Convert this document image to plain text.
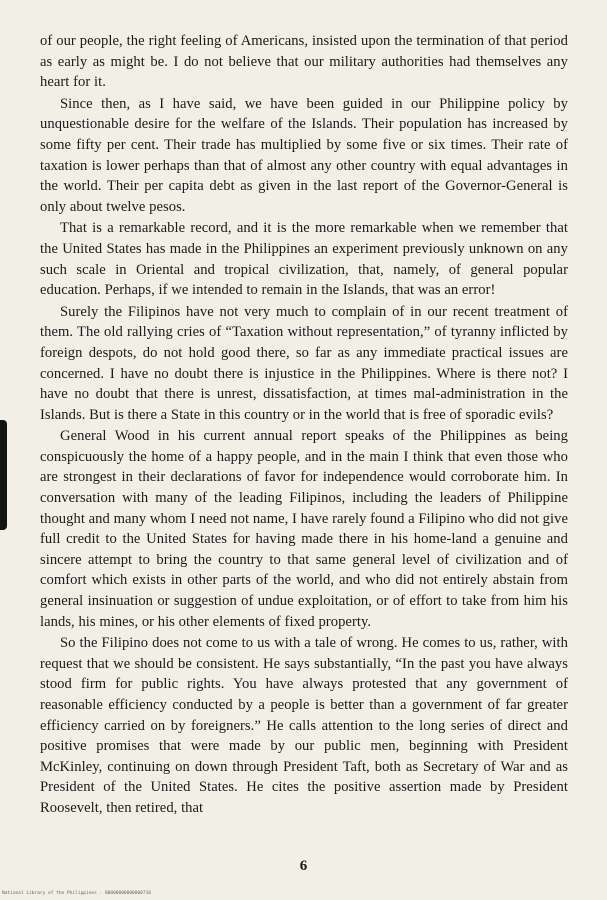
of our people, the right feeling of Americans, insisted upon the termination of that period as early as might be. I do not believe that our military authorities had themselves any heart for it.

Since then, as I have said, we have been guided in our Philippine policy by unquestionable desire for the welfare of the Islands. Their population has increased by some fifty per cent. Their trade has multiplied by some five or six times. Their rate of taxation is lower perhaps than that of almost any other country with equal advantages in the world. Their per capita debt as given in the last report of the Governor-General is only about twelve pesos.

That is a remarkable record, and it is the more remarkable when we remember that the United States has made in the Philippines an experiment previously unknown on any such scale in Oriental and tropical civilization, that, namely, of general popular education. Perhaps, if we intended to remain in the Islands, that was an error!

Surely the Filipinos have not very much to complain of in our recent treatment of them. The old rallying cries of “Taxation without representation,” of tyranny inflicted by foreign despots, do not hold good there, so far as any immediate practical issues are concerned. I have no doubt there is injustice in the Philippines. Where is there not? I have no doubt that there is unrest, dissatisfaction, at times mal-administration in the Islands. But is there a State in this country or in the world that is free of sporadic evils?

General Wood in his current annual report speaks of the Philippines as being conspicuously the home of a happy people, and in the main I think that even those who are strongest in their declarations of favor for independence would corroborate him. In conversation with many of the leading Filipinos, including the leaders of Philippine thought and many whom I need not name, I have rarely found a Filipino who did not give full credit to the United States for having made there in his home-land a genuine and sincere attempt to bring the country to that same general level of civilization and of comfort which exists in other parts of the world, and who did not entirely abstain from general insinuation or suggestion of undue exploitation, or of effort to take from him his lands, his mines, or his other elements of fixed property.

So the Filipino does not come to us with a tale of wrong. He comes to us, rather, with request that we should be consistent. He says substantially, “In the past you have always stood firm for public rights. You have always protested that any government of reasonable efficiency conducted by a people is better than a government of far greater efficiency carried on by foreigners.” He calls attention to the long series of direct and positive promises that were made by our public men, beginning with President McKinley, continuing on down through President Taft, both as Secretary of War and as President of the United States. He cites the positive assertion made by President Roosevelt, then retired, that

6
National Library of the Philippines · 00000000000000710
